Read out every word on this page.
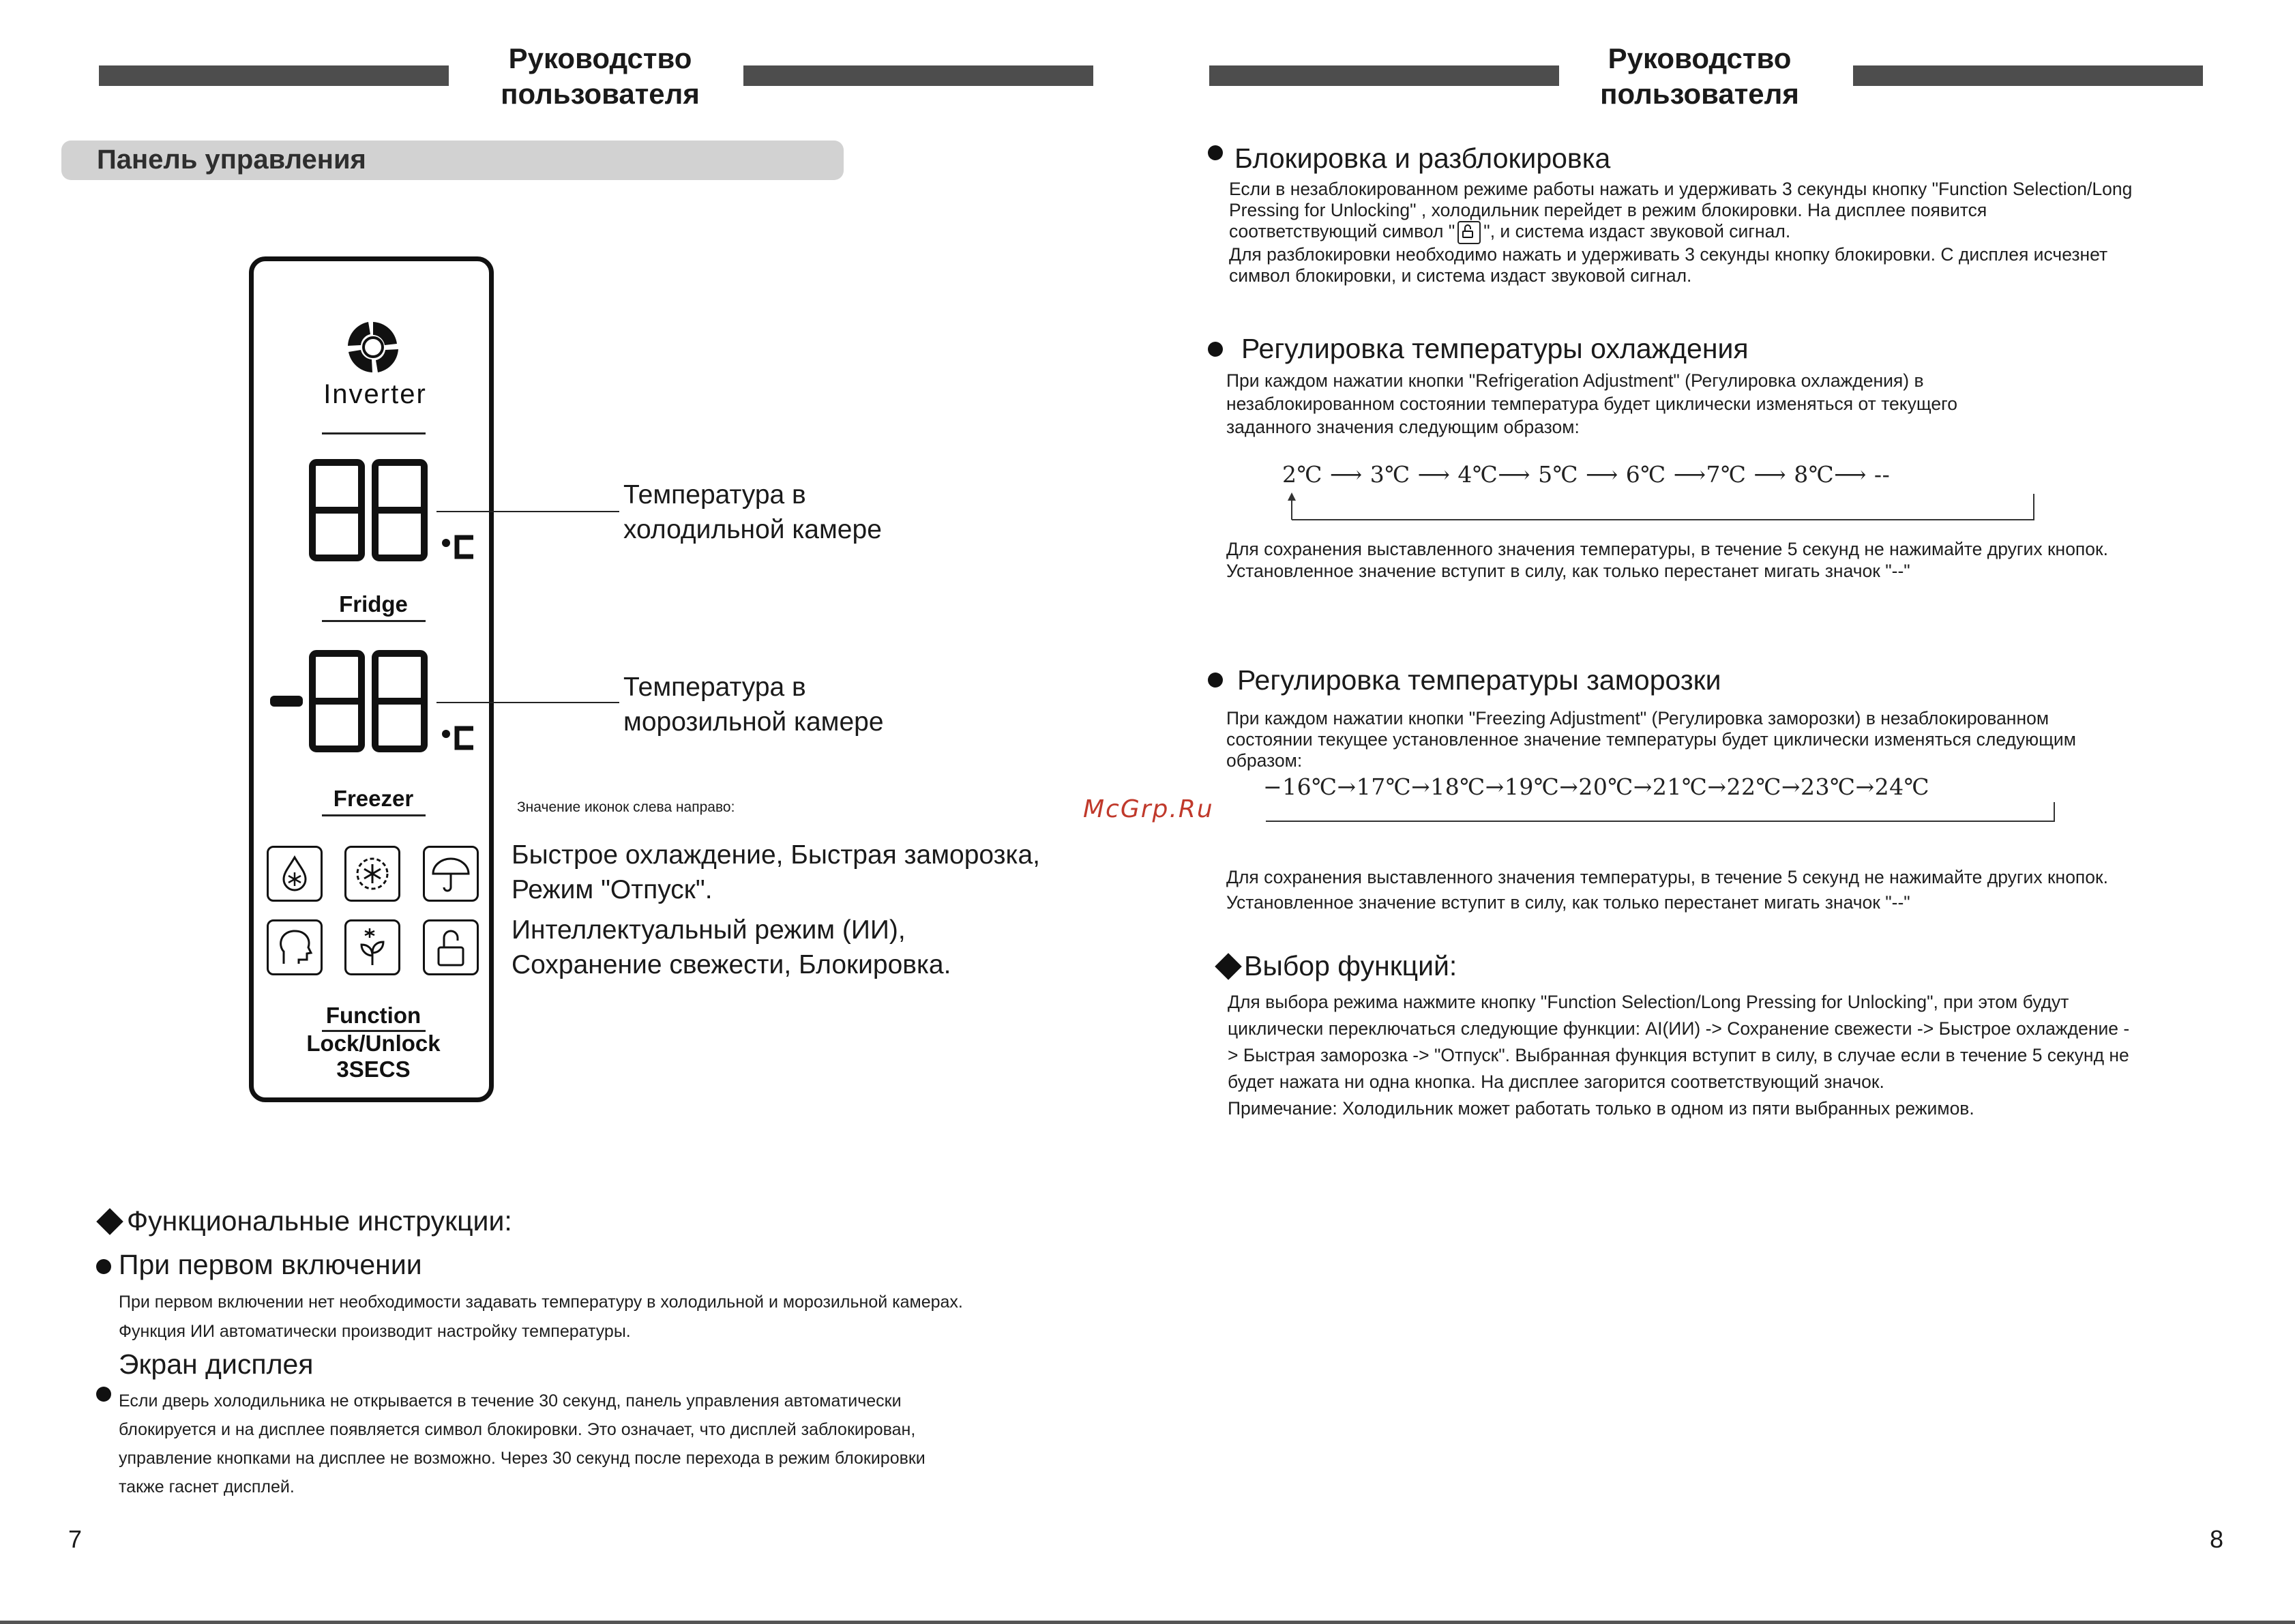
Руководство
пользователя
Руководство
пользователя
Панель управления
Inverter
Fridge
Freezer
Function
Lock/Unlock
3SECS

Температура в

холодильной камере

Температура в

морозильной камере

Значение иконок слева направо:

Быстрое охлаждение, Быстрая заморозка,

Режим "Отпуск".

Интеллектуальный режим (ИИ),

Сохранение свежести, Блокировка.

Функциональные инструкции:
При первом включении

При первом включении нет необходимости задавать температуру в холодильной и морозильной камерах.

Функция ИИ автоматически производит настройку температуры.

Экран дисплея

Если дверь холодильника не открывается в течение 30 секунд, панель управления автоматически

блокируется и на дисплее появляется символ блокировки. Это означает, что дисплей заблокирован,

управление кнопками на дисплее не возможно. Через 30 секунд после перехода в режим блокировки

также гаснет дисплей.

7
Блокировка и разблокировка

Если в незаблокированном режиме работы нажать и удерживать 3 секунды кнопку "Function Selection/Long

Pressing for Unlocking" , холодильник перейдет в режим блокировки. На дисплее появится

соответствующий символ " ", и система издаст звуковой сигнал.

Для разблокировки необходимо нажать и удерживать 3 секунды кнопку блокировки. С дисплея исчезнет

символ блокировки, и система издаст звуковой сигнал.

Регулировка температуры охлаждения

При каждом нажатии кнопки "Refrigeration Adjustment" (Регулировка охлаждения) в

незаблокированном состоянии температура будет циклически изменяться от текущего

заданного значения следующим образом:

2℃ ⟶ 3℃ ⟶ 4℃⟶ 5℃ ⟶ 6℃ ⟶7℃ ⟶ 8℃⟶ --

Для сохранения выставленного значения температуры, в течение 5 секунд не нажимайте других кнопок.

Установленное значение вступит в силу, как только перестанет мигать значок "--"

Регулировка температуры заморозки

При каждом нажатии кнопки "Freezing Adjustment" (Регулировка заморозки) в незаблокированном

состоянии текущее установленное значение температуры будет циклически изменяться следующим

образом:

−16℃→17℃→18℃→19℃→20℃→21℃→22℃→23℃→24℃

Для сохранения выставленного значения температуры, в течение 5 секунд не нажимайте других кнопок.

Установленное значение вступит в силу, как только перестанет мигать значок "--"

Выбор функций:

Для выбора режима нажмите кнопку "Function Selection/Long Pressing for Unlocking", при этом будут

циклически переключаться следующие функции: AI(ИИ) -> Сохранение свежести -> Быстрое охлаждение -

> Быстрая заморозка -> "Отпуск". Выбранная функция вступит в силу, в случае если в течение 5 секунд не

будет нажата ни одна кнопка. На дисплее загорится соответствующий значок.

Примечание: Холодильник может работать только в одном из пяти выбранных режимов.

8
McGrp.Ru
